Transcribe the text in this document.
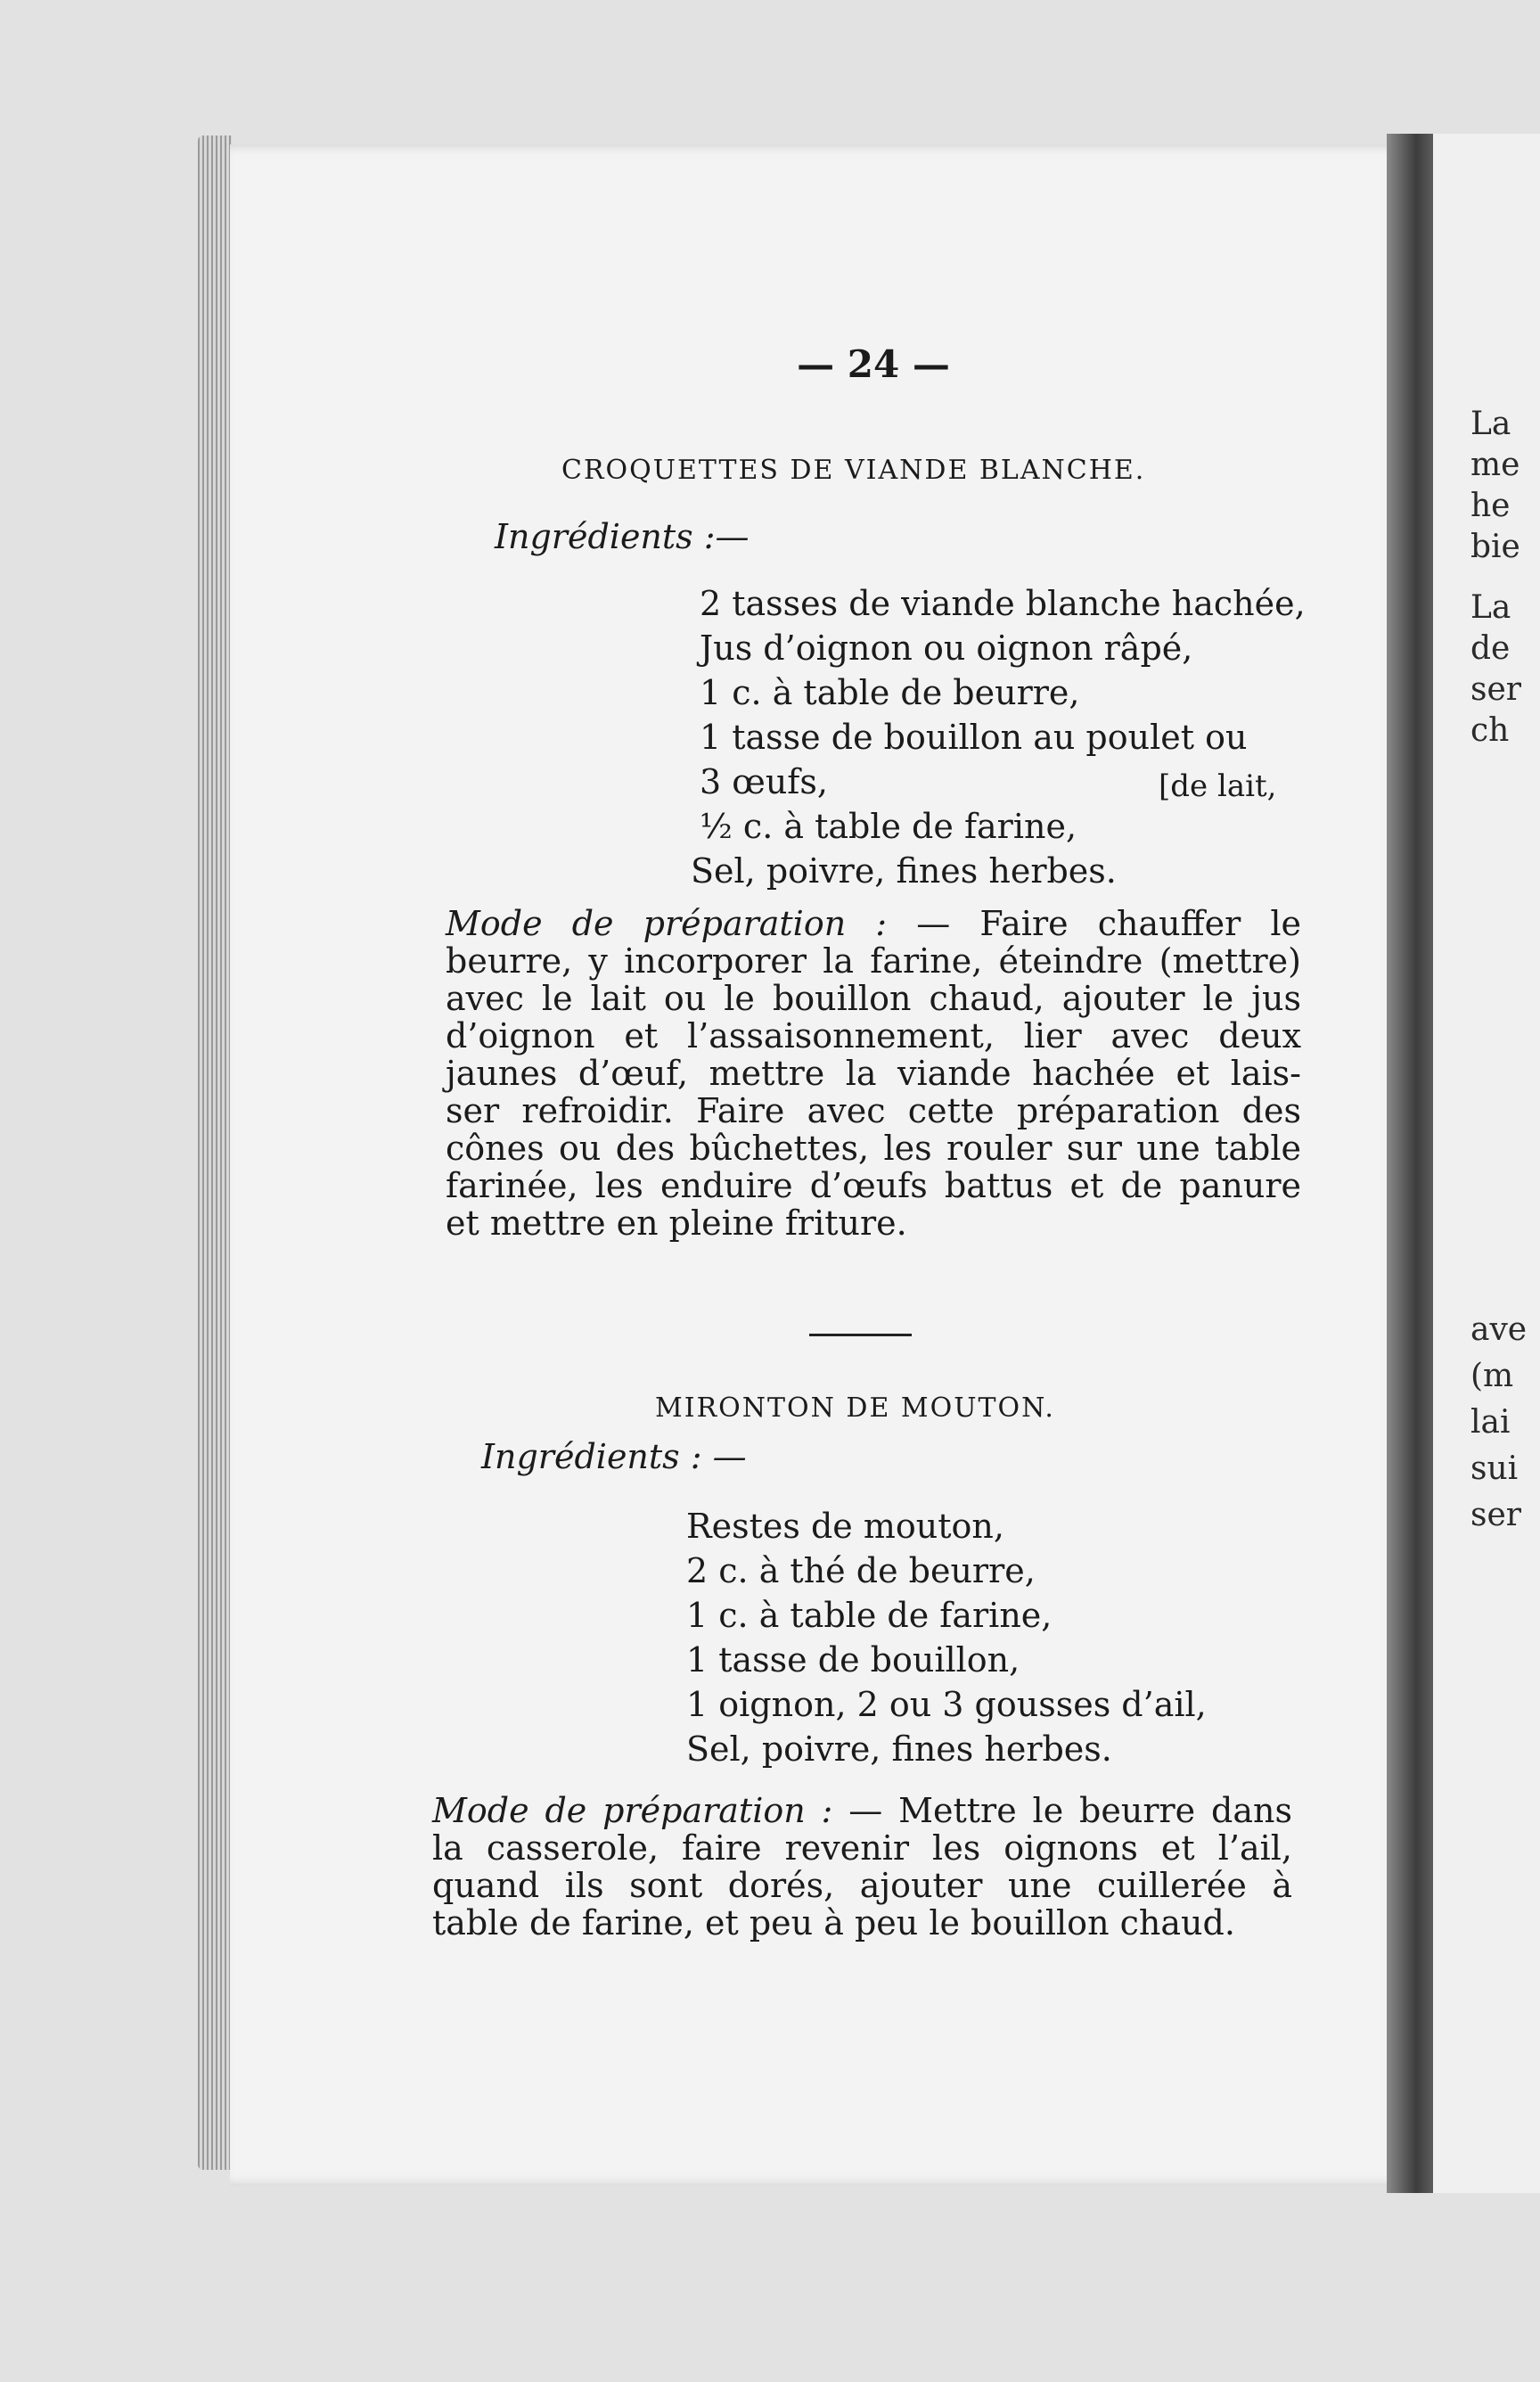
La
me
he
bie
La
de
ser
ch
ave
(m
lai
sui
ser
— 24 —
CROQUETTES DE VIANDE BLANCHE.
Ingrédients :—
2 tasses de viande blanche hachée,
Jus d’oignon ou oignon râpé,
1 c. à table de beurre,
1 tasse de bouillon au poulet ou
3 œufs,
½ c. à table de farine,
Sel, poivre, fines herbes.
[de lait,
Mode de préparation : — Faire chauffer le
beurre, y incorporer la farine, éteindre (mettre)
avec le lait ou le bouillon chaud, ajouter le jus
d’oignon et l’assaisonnement, lier avec deux
jaunes d’œuf, mettre la viande hachée et lais-
ser refroidir. Faire avec cette préparation des
cônes ou des bûchettes, les rouler sur une table
farinée, les enduire d’œufs battus et de panure
et mettre en pleine friture.
MIRONTON DE MOUTON.
Ingrédients : —
Restes de mouton,
2 c. à thé de beurre,
1 c. à table de farine,
1 tasse de bouillon,
1 oignon, 2 ou 3 gousses d’ail,
Sel, poivre, fines herbes.
Mode de préparation : — Mettre le beurre dans
la casserole, faire revenir les oignons et l’ail,
quand ils sont dorés, ajouter une cuillerée à
table de farine, et peu à peu le bouillon chaud.
